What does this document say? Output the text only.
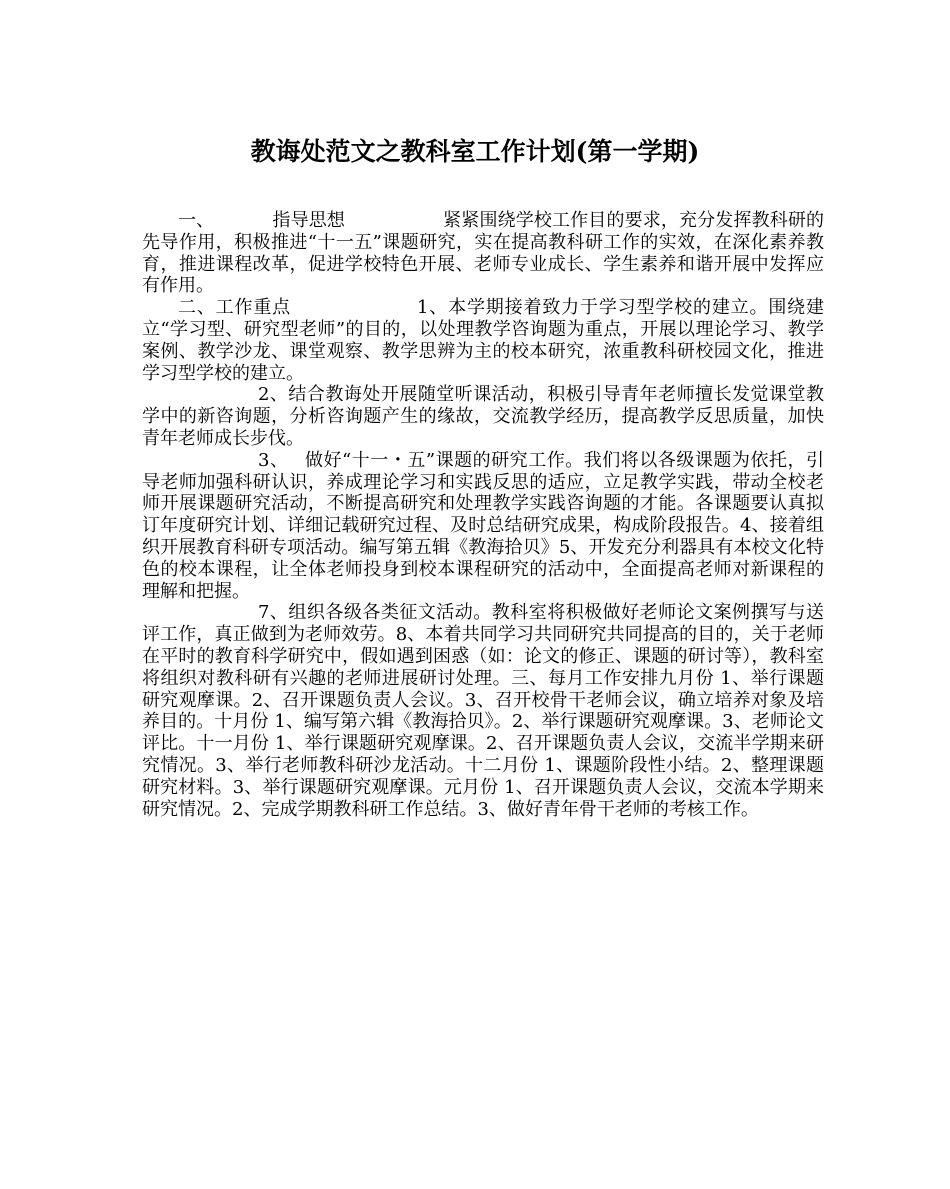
教诲处范文之教科室工作计划(第一学期)

一、	指导思想	紧紧围绕学校工作目的要求，充分发挥教科研的先导作用，积极推进“十一五”课题研究，实在提高教科研工作的实效，在深化素养教育，推进课程改革，促进学校特色开展、老师专业成长、学生素养和谐开展中发挥应有作用。

二、工作重点	1、本学期接着致力于学习型学校的建立。围绕建立“学习型、研究型老师”的目的，以处理教学咨询题为重点，开展以理论学习、教学案例、教学沙龙、课堂观察、教学思辨为主的校本研究，浓重教科研校园文化，推进学习型学校的建立。

2、结合教诲处开展随堂听课活动，积极引导青年老师擅长发觉课堂教学中的新咨询题，分析咨询题产生的缘故，交流教学经历，提高教学反思质量，加快青年老师成长步伐。

3、 做好“十一・五”课题的研究工作。我们将以各级课题为依托，引导老师加强科研认识，养成理论学习和实践反思的适应，立足教学实践，带动全校老师开展课题研究活动，不断提高研究和处理教学实践咨询题的才能。各课题要认真拟订年度研究计划、详细记载研究过程、及时总结研究成果，构成阶段报告。4、接着组织开展教育科研专项活动。编写第五辑《教海拾贝》5、开发充分利器具有本校文化特色的校本课程，让全体老师投身到校本课程研究的活动中，全面提高老师对新课程的理解和把握。

7、组织各级各类征文活动。教科室将积极做好老师论文案例撰写与送评工作，真正做到为老师效劳。8、本着共同学习共同研究共同提高的目的，关于老师在平时的教育科学研究中，假如遇到困惑（如：论文的修正、课题的研讨等），教科室将组织对教科研有兴趣的老师进展研讨处理。三、每月工作安排九月份 1、举行课题研究观摩课。2、召开课题负责人会议。3、召开校骨干老师会议，确立培养对象及培养目的。十月份 1、编写第六辑《教海拾贝》。2、举行课题研究观摩课。3、老师论文评比。十一月份 1、举行课题研究观摩课。2、召开课题负责人会议，交流半学期来研究情况。3、举行老师教科研沙龙活动。十二月份 1、课题阶段性小结。2、整理课题研究材料。3、举行课题研究观摩课。元月份 1、召开课题负责人会议，交流本学期来研究情况。2、完成学期教科研工作总结。3、做好青年骨干老师的考核工作。
